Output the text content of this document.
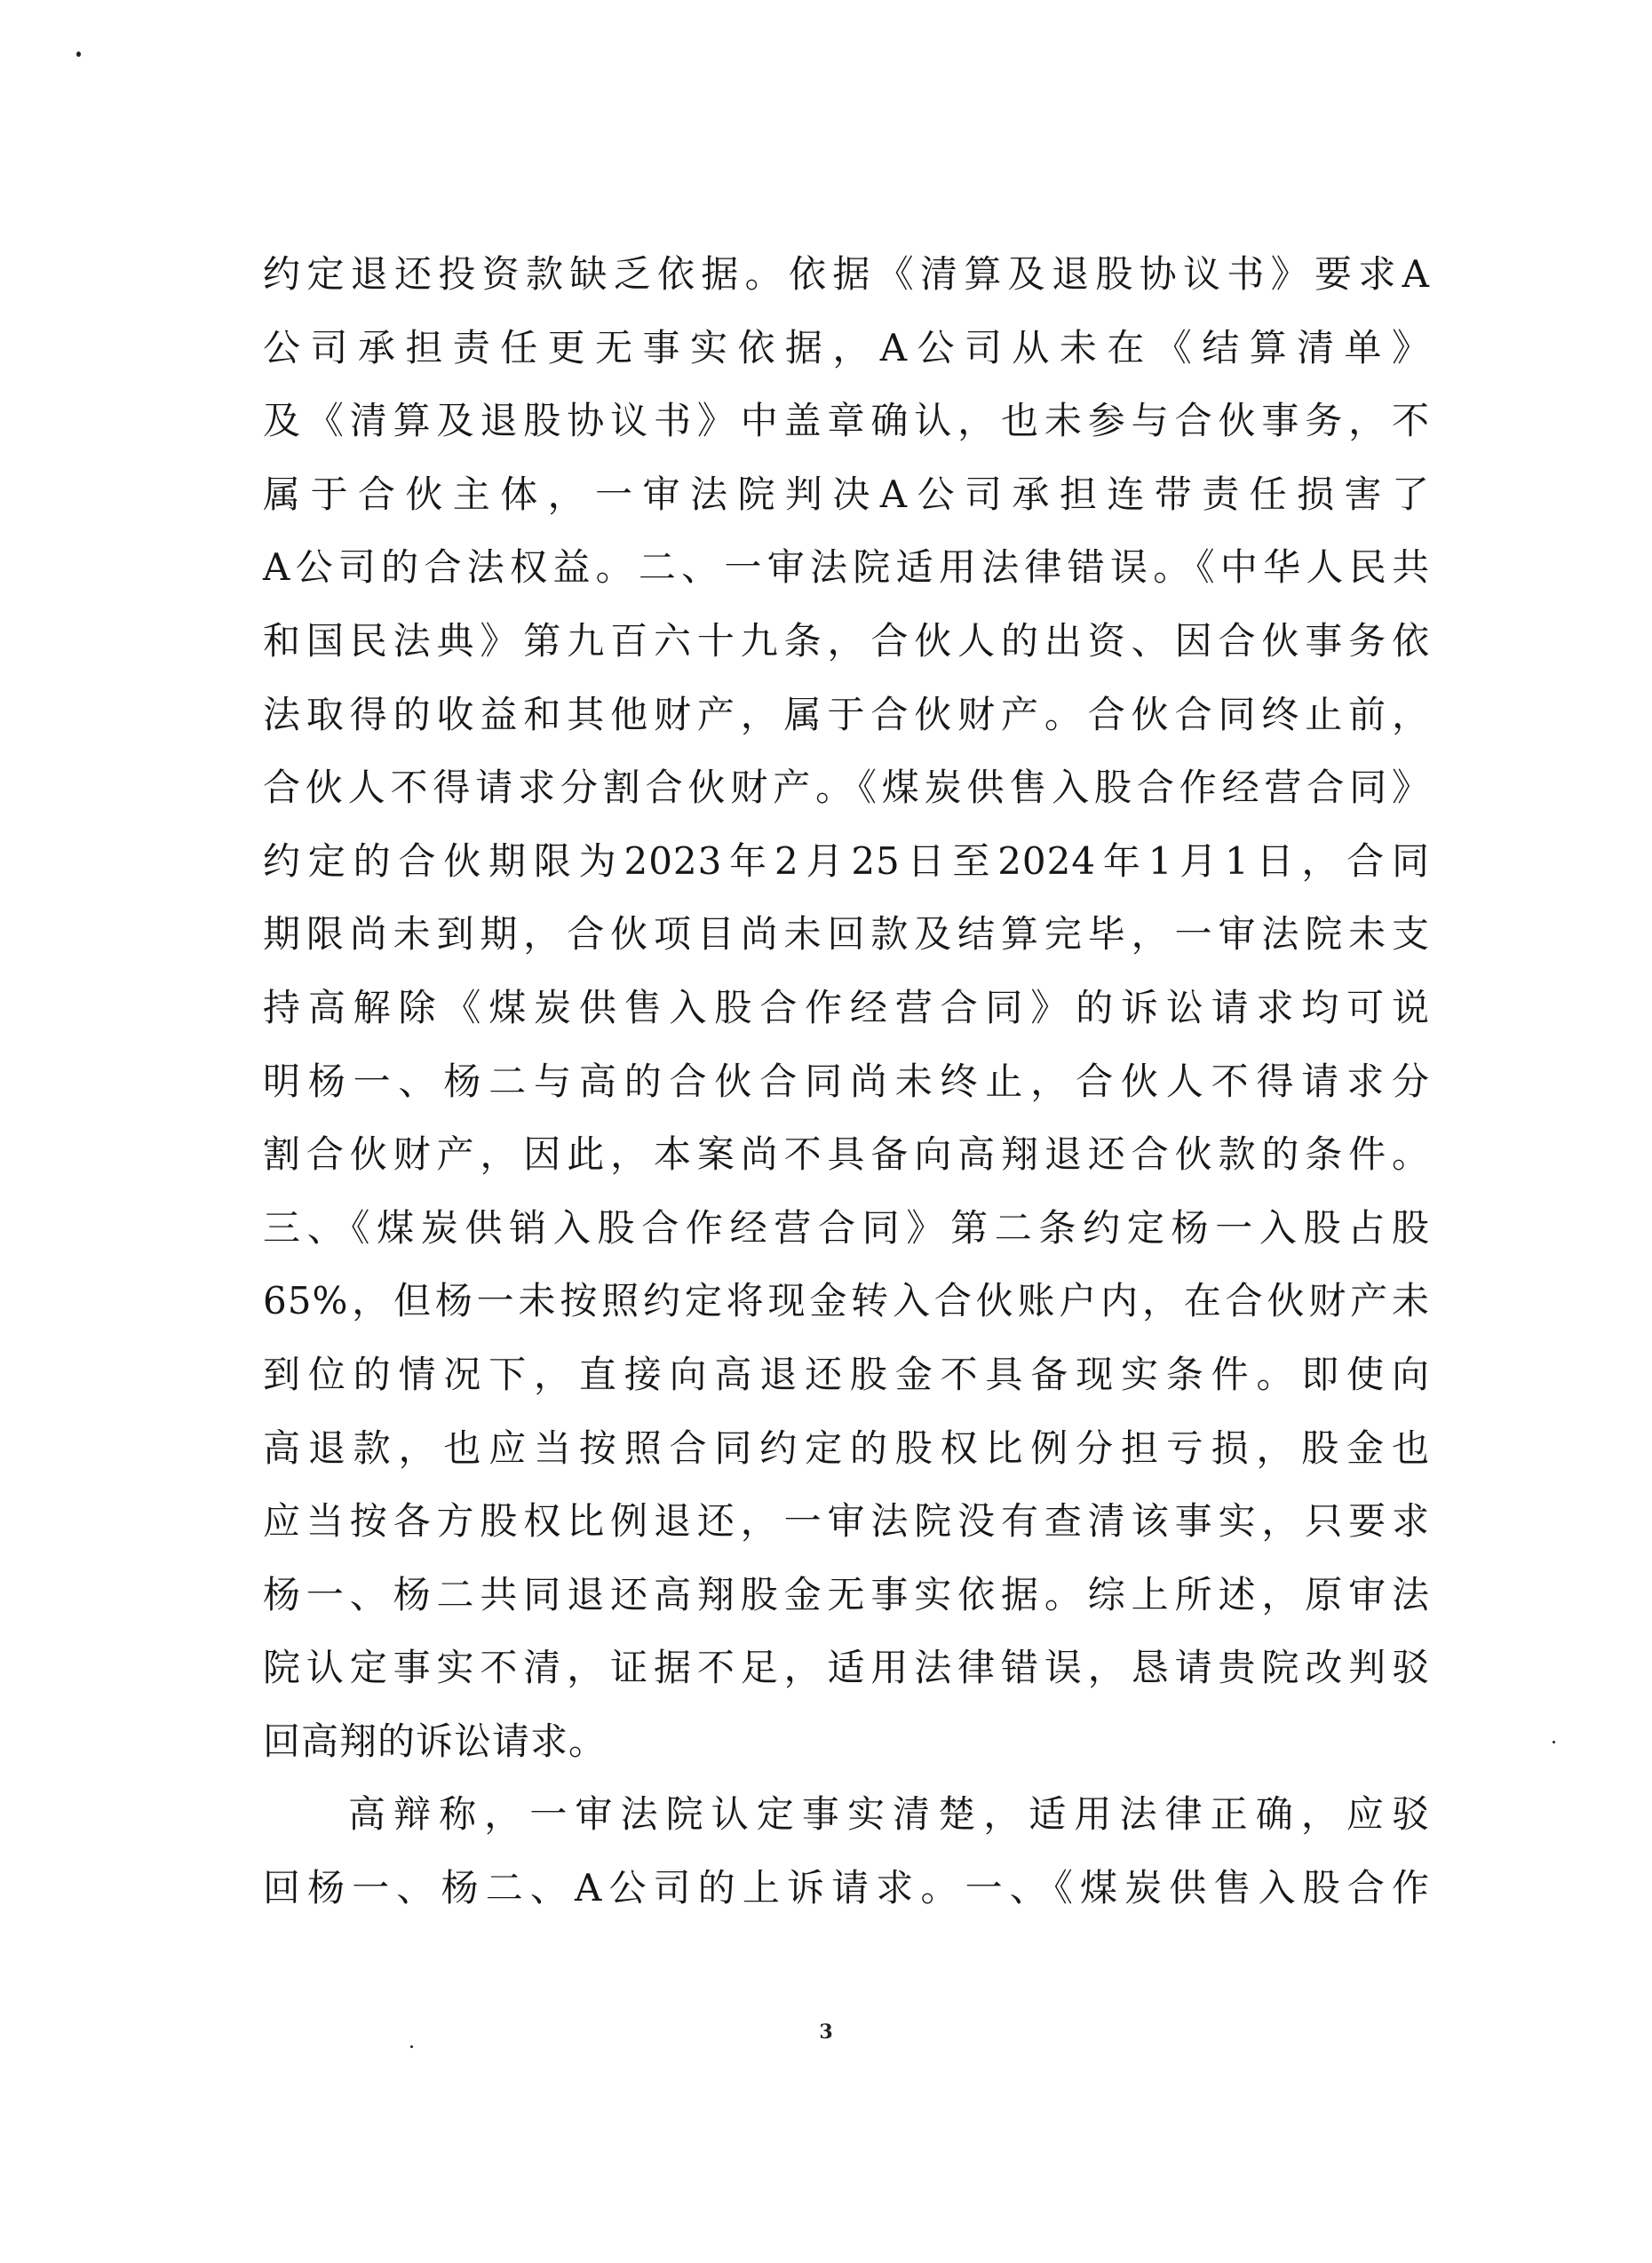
约定退还投资款缺乏依据。依据《清算及退股协议书》要求A
公司承担责任更无事实依据，A公司从未在《结算清单》
及《清算及退股协议书》中盖章确认，也未参与合伙事务，不
属于合伙主体，一审法院判决A公司承担连带责任损害了
A公司的合法权益。二、一审法院适用法律错误。《中华人民共
和国民法典》第九百六十九条，合伙人的出资、因合伙事务依
法取得的收益和其他财产，属于合伙财产。合伙合同终止前，
合伙人不得请求分割合伙财产。《煤炭供售入股合作经营合同》
约定的合伙期限为2023年2月25日至2024年1月1日，合同
期限尚未到期，合伙项目尚未回款及结算完毕，一审法院未支
持高解除《煤炭供售入股合作经营合同》的诉讼请求均可说
明杨一、杨二与高的合伙合同尚未终止，合伙人不得请求分
割合伙财产，因此，本案尚不具备向高翔退还合伙款的条件。
三、《煤炭供销入股合作经营合同》第二条约定杨一入股占股
65%，但杨一未按照约定将现金转入合伙账户内，在合伙财产未
到位的情况下，直接向高退还股金不具备现实条件。即使向
高退款，也应当按照合同约定的股权比例分担亏损，股金也
应当按各方股权比例退还，一审法院没有查清该事实，只要求
杨一、杨二共同退还高翔股金无事实依据。综上所述，原审法
院认定事实不清，证据不足，适用法律错误，恳请贵院改判驳
回高翔的诉讼请求。
高辩称，一审法院认定事实清楚，适用法律正确，应驳
回杨一、杨二、A公司的上诉请求。一、《煤炭供售入股合作
3
